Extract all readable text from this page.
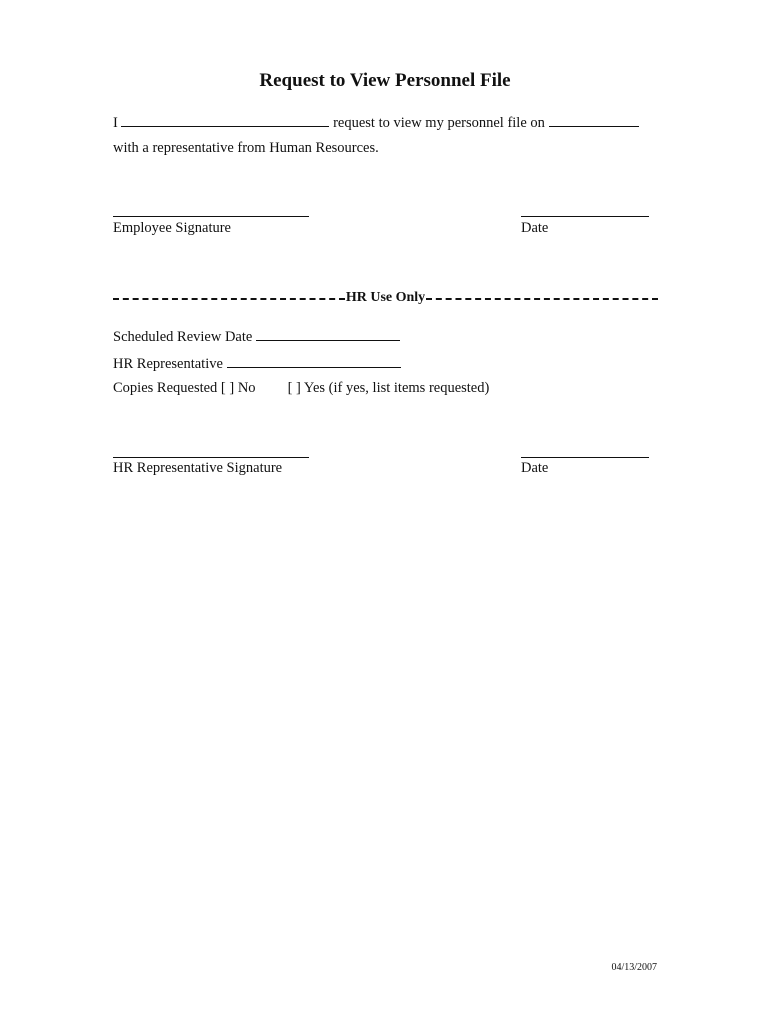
Request to View Personnel File
I	request to view my personnel file on
with a representative from Human Resources.
Employee Signature	Date
HR Use Only
Scheduled Review Date
HR Representative
Copies Requested [ ] No [ ] Yes (if yes, list items requested)
HR Representative Signature	Date
04/13/2007
